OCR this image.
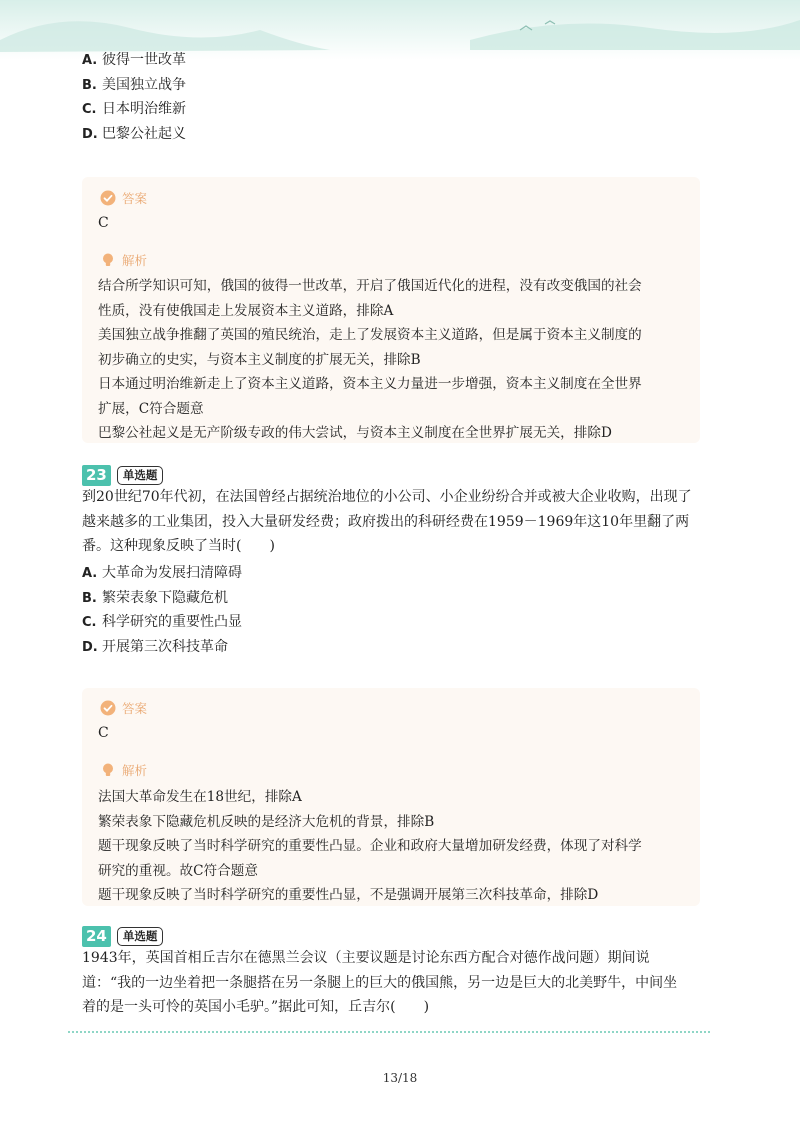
A. 彼得一世改革
B. 美国独立战争
C. 日本明治维新
D. 巴黎公社起义
答案
C
解析
结合所学知识可知，俄国的彼得一世改革，开启了俄国近代化的进程，没有改变俄国的社会
性质，没有使俄国走上发展资本主义道路，排除A
美国独立战争推翻了英国的殖民统治，走上了发展资本主义道路，但是属于资本主义制度的
初步确立的史实，与资本主义制度的扩展无关，排除B
日本通过明治维新走上了资本主义道路，资本主义力量进一步增强，资本主义制度在全世界
扩展，C符合题意
巴黎公社起义是无产阶级专政的伟大尝试，与资本主义制度在全世界扩展无关，排除D
23	单选题
到20世纪70年代初，在法国曾经占据统治地位的小公司、小企业纷纷合并或被大企业收购，出现了
越来越多的工业集团，投入大量研发经费；政府拨出的科研经费在1959－1969年这10年里翻了两
番。这种现象反映了当时(　　)
A. 大革命为发展扫清障碍
B. 繁荣表象下隐藏危机
C. 科学研究的重要性凸显
D. 开展第三次科技革命
答案
C
解析
法国大革命发生在18世纪，排除A
繁荣表象下隐藏危机反映的是经济大危机的背景，排除B
题干现象反映了当时科学研究的重要性凸显。企业和政府大量增加研发经费，体现了对科学
研究的重视。故C符合题意
题干现象反映了当时科学研究的重要性凸显，不是强调开展第三次科技革命，排除D
24	单选题
1943年，英国首相丘吉尔在德黑兰会议（主要议题是讨论东西方配合对德作战问题）期间说
道：“我的一边坐着把一条腿搭在另一条腿上的巨大的俄国熊，另一边是巨大的北美野牛，中间坐
着的是一头可怜的英国小毛驴。”据此可知，丘吉尔(　　)
13/18
